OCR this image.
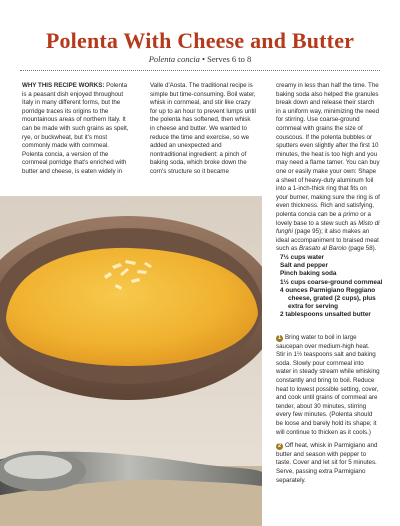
Polenta With Cheese and Butter
Polenta concia • Serves 6 to 8
WHY THIS RECIPE WORKS: Polenta is a peasant dish enjoyed throughout Italy in many different forms, but the porridge traces its origins to the mountainous areas of northern Italy. It can be made with such grains as spelt, rye, or buckwheat, but it's most commonly made with cornmeal. Polenta concia, a version of the cornmeal porridge that's enriched with butter and cheese, is eaten widely in
Valle d'Aosta. The traditional recipe is simple but time-consuming. Boil water, whisk in cornmeal, and stir like crazy for up to an hour to prevent lumps until the polenta has softened, then whisk in cheese and butter. We wanted to reduce the time and exercise, so we added an unexpected and nontraditional ingredient: a pinch of baking soda, which broke down the corn's structure so it became
creamy in less than half the time. The baking soda also helped the granules break down and release their starch in a uniform way, minimizing the need for stirring. Use coarse-ground cornmeal with grains the size of couscous. If the polenta bubbles or sputters even slightly after the first 10 minutes, the heat is too high and you may need a flame tamer. You can buy one or easily make your own: Shape a sheet of heavy-duty aluminum foil into a 1-inch-thick ring that fits on your burner, making sure the ring is of even thickness. Rich and satisfying, polenta concia can be a primo or a lovely base to a stew such as Misto di funghi (page 95); it also makes an ideal accompaniment to braised meat such as Brasato al Barolo (page 58).
7½ cups water
Salt and pepper
Pinch baking soda
1½ cups coarse-ground cornmeal
4 ounces Parmigiano Reggiano
cheese, grated (2 cups), plus
extra for serving
2 tablespoons unsalted butter
1 Bring water to boil in large saucepan over medium-high heat. Stir in 1½ teaspoons salt and baking soda. Slowly pour cornmeal into water in steady stream while whisking constantly and bring to boil. Reduce heat to lowest possible setting, cover, and cook until grains of cornmeal are tender, about 30 minutes, stirring every few minutes. (Polenta should be loose and barely hold its shape; it will continue to thicken as it cools.)
2 Off heat, whisk in Parmigiano and butter and season with pepper to taste. Cover and let sit for 5 minutes. Serve, passing extra Parmigiano separately.
